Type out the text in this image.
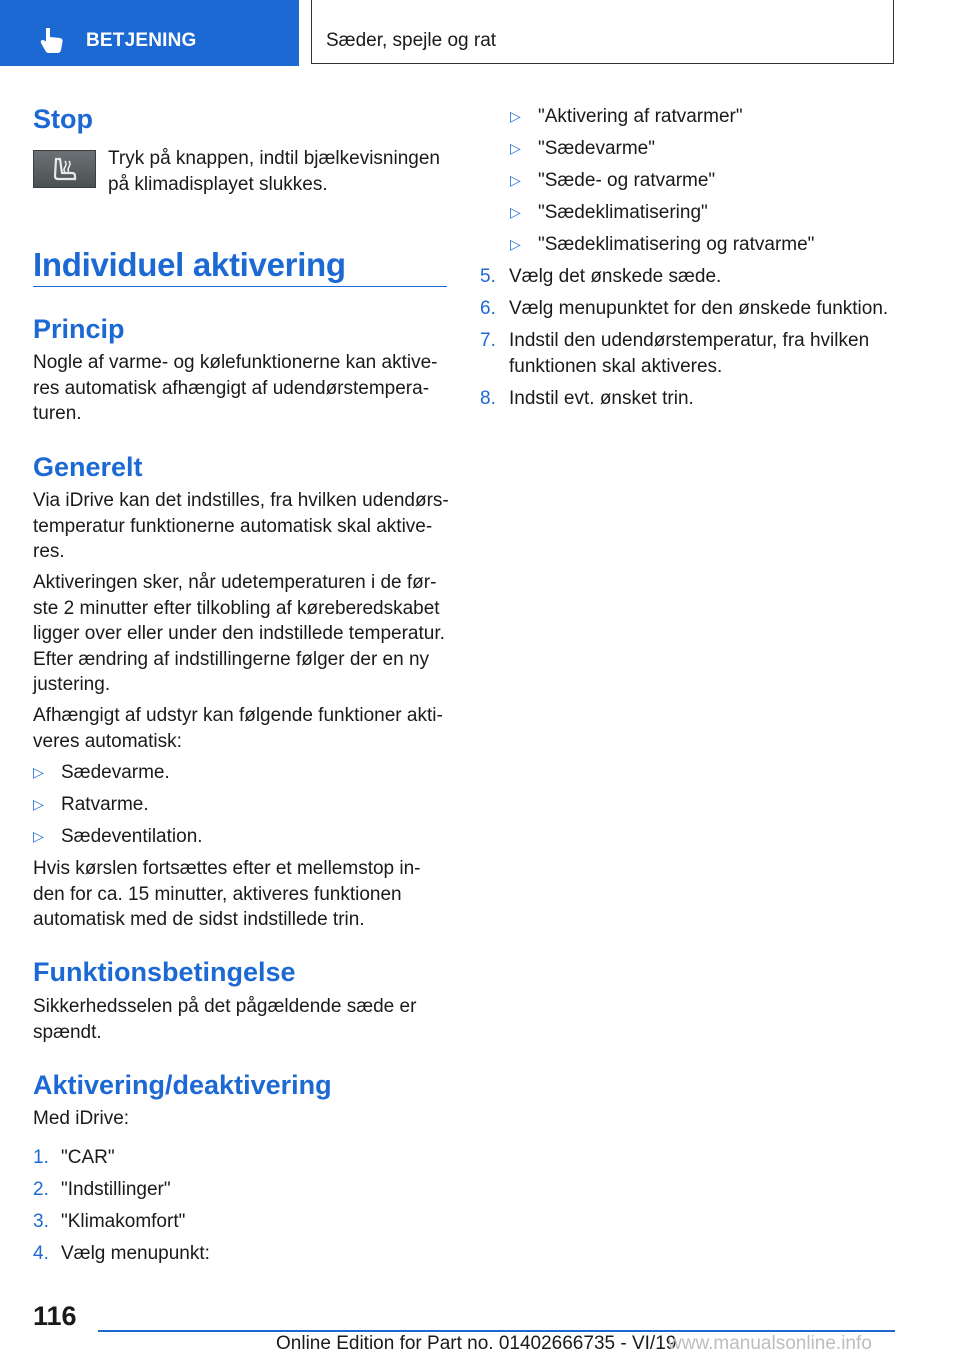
BETJENING	Sæder, spejle og rat
Stop
Tryk på knappen, indtil bjælkevisningen
på klimadisplayet slukkes.
Individuel aktivering
Princip
Nogle af varme- og kølefunktionerne kan aktive-
res automatisk afhængigt af udendørstempera-
turen.
Generelt
Via iDrive kan det indstilles, fra hvilken udendørs-
temperatur funktionerne automatisk skal aktive-
res.
Aktiveringen sker, når udetemperaturen i de før-
ste 2 minutter efter tilkobling af køreberedskabet
ligger over eller under den indstillede temperatur.
Efter ændring af indstillingerne følger der en ny
justering.
Afhængigt af udstyr kan følgende funktioner akti-
veres automatisk:
▷ Sædevarme.
▷ Ratvarme.
▷ Sædeventilation.
Hvis kørslen fortsættes efter et mellemstop in-
den for ca. 15 minutter, aktiveres funktionen
automatisk med de sidst indstillede trin.
Funktionsbetingelse
Sikkerhedsselen på det pågældende sæde er
spændt.
Aktivering/deaktivering
Med iDrive:
1. "CAR"
2. "Indstillinger"
3. "Klimakomfort"
4. Vælg menupunkt:
▷ "Aktivering af ratvarmer"
▷ "Sædevarme"
▷ "Sæde- og ratvarme"
▷ "Sædeklimatisering"
▷ "Sædeklimatisering og ratvarme"
5. Vælg det ønskede sæde.
6. Vælg menupunktet for den ønskede funktion.
7. Indstil den udendørstemperatur, fra hvilken
funktionen skal aktiveres.
8. Indstil evt. ønsket trin.
116
Online Edition for Part no. 01402666735 - VI/19
www.manualsonline.info
